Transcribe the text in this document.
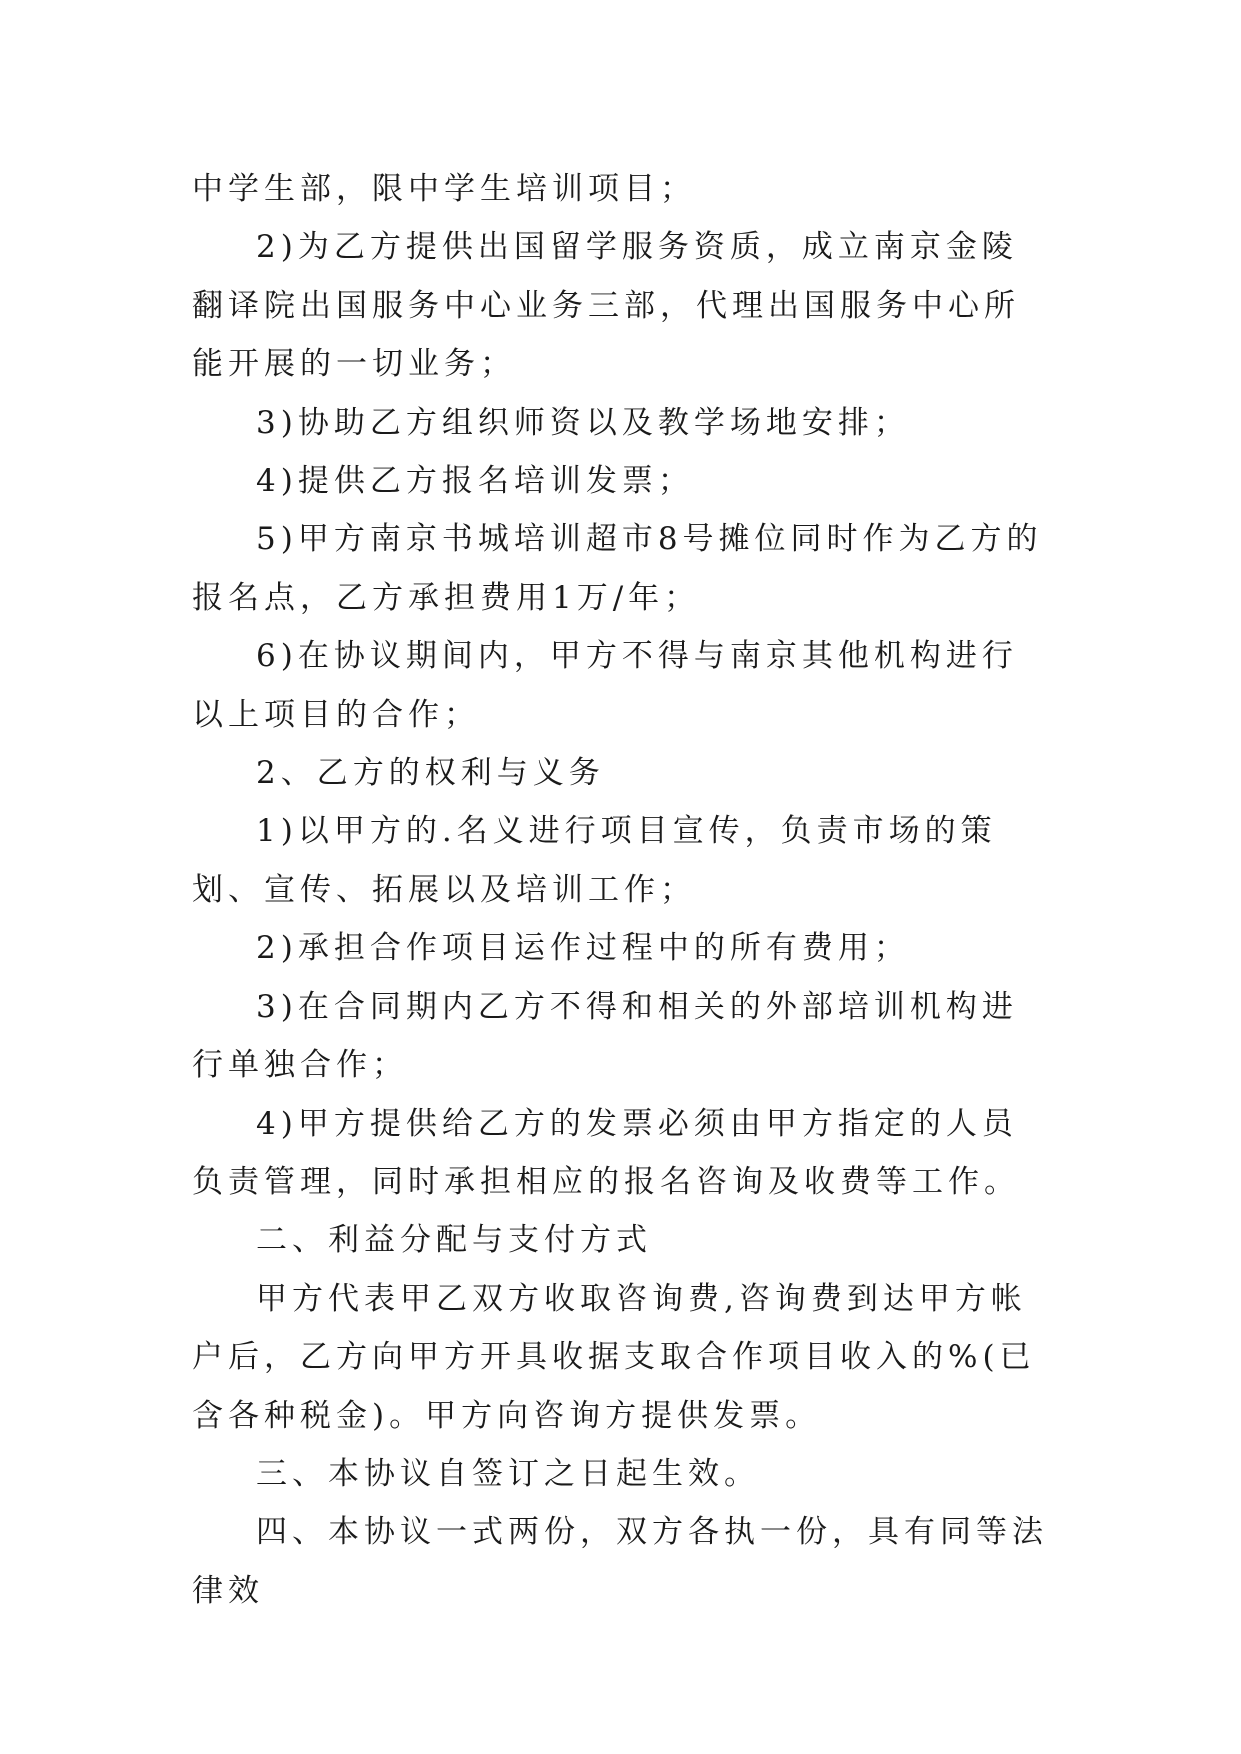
中学生部，限中学生培训项目；

2)为乙方提供出国留学服务资质，成立南京金陵翻译院出国服务中心业务三部，代理出国服务中心所能开展的一切业务；

3)协助乙方组织师资以及教学场地安排；

4)提供乙方报名培训发票；

5)甲方南京书城培训超市8号摊位同时作为乙方的报名点，乙方承担费用1万/年；

6)在协议期间内，甲方不得与南京其他机构进行以上项目的合作；

2、乙方的权利与义务

1)以甲方的.名义进行项目宣传，负责市场的策划、宣传、拓展以及培训工作；

2)承担合作项目运作过程中的所有费用；

3)在合同期内乙方不得和相关的外部培训机构进行单独合作；

4)甲方提供给乙方的发票必须由甲方指定的人员负责管理，同时承担相应的报名咨询及收费等工作。

二、利益分配与支付方式

甲方代表甲乙双方收取咨询费,咨询费到达甲方帐户后，乙方向甲方开具收据支取合作项目收入的%(已含各种税金)。甲方向咨询方提供发票。

三、本协议自签订之日起生效。

四、本协议一式两份，双方各执一份，具有同等法律效
